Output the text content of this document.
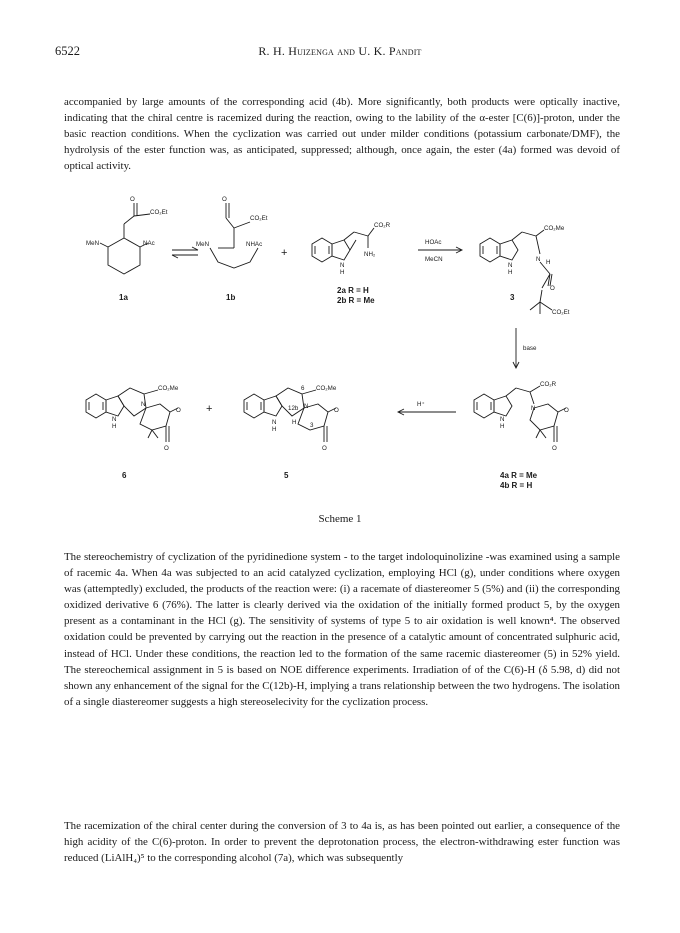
6522	R. H. Huizenga and U. K. Pandit
accompanied by large amounts of the corresponding acid (4b). More significantly, both products were optically inactive, indicating that the chiral centre is racemized during the reaction, owing to the lability of the α-ester [C(6)]-proton, under the basic reaction conditions. When the cyclization was carried out under milder conditions (potassium carbonate/DMF), the hydrolysis of the ester function was, as anticipated, suppressed; although, once again, the ester (4a) formed was devoid of optical activity.
O
CO₂Et
MeN	NAc
1a
O
CO₂Et
MeN	NHAc
1b
+
CO₂R
NH₂
N
H
2a R = H
2b R = Me
HOAc
MeCN
CO₂Me
N H
O
CO₂Et
N
H
3
base
CO₂Me
N
O
O
N
H
6
+
CO₂Me
6
12b N
O
O
3
N
H
H
5
H⁺
CO₂R
N	O
O
N
H
4a R = Me
4b R = H
Scheme 1
The stereochemistry of cyclization of the pyridinedione system - to the target indoloquinolizine -was examined using a sample of racemic 4a. When 4a was subjected to an acid catalyzed cyclization, employing HCl (g), under conditions where oxygen was (attemptedly) excluded, the products of the reaction were: (i) a racemate of diastereomer 5 (5%) and (ii) the corresponding oxidized derivative 6 (76%). The latter is clearly derived via the oxidation of the initially formed product 5, by the oxygen present as a contaminant in the HCl (g). The sensitivity of systems of type 5 to air oxidation is well known⁴. The observed oxidation could be prevented by carrying out the reaction in the presence of a catalytic amount of concentrated sulphuric acid, instead of HCl. Under these conditions, the reaction led to the formation of the same racemic diastereomer (5) in 52% yield. The stereochemical assignment in 5 is based on NOE difference experiments. Irradiation of of the C(6)-H (δ 5.98, d) did not shown any enhancement of the signal for the C(12b)-H, implying a trans relationship between the two hydrogens. The isolation of a single diastereomer suggests a high stereoselecivity for the cyclization process.
The racemization of the chiral center during the conversion of 3 to 4a is, as has been pointed out earlier, a consequence of the high acidity of the C(6)-proton. In order to prevent the deprotonation process, the electron-withdrawing ester function was reduced (LiAlH₄)⁵ to the corresponding alcohol (7a), which was subsequently
